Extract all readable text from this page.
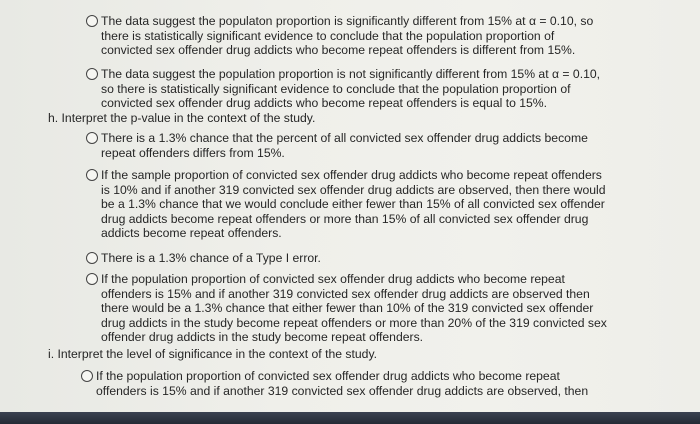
The data suggest the populaton proportion is significantly different from 15% at α = 0.10, so
there is statistically significant evidence to conclude that the population proportion of
convicted sex offender drug addicts who become repeat offenders is different from 15%.
The data suggest the population proportion is not significantly different from 15% at α = 0.10,
so there is statistically significant evidence to conclude that the population proportion of
convicted sex offender drug addicts who become repeat offenders is equal to 15%.
h. Interpret the p-value in the context of the study.
There is a 1.3% chance that the percent of all convicted sex offender drug addicts become
repeat offenders differs from 15%.
If the sample proportion of convicted sex offender drug addicts who become repeat offenders
is 10% and if another 319 convicted sex offender drug addicts are observed, then there would
be a 1.3% chance that we would conclude either fewer than 15% of all convicted sex offender
drug addicts become repeat offenders or more than 15% of all convicted sex offender drug
addicts become repeat offenders.
There is a 1.3% chance of a Type I error.
If the population proportion of convicted sex offender drug addicts who become repeat
offenders is 15% and if another 319 convicted sex offender drug addicts are observed then
there would be a 1.3% chance that either fewer than 10% of the 319 convicted sex offender
drug addicts in the study become repeat offenders or more than 20% of the 319 convicted sex
offender drug addicts in the study become repeat offenders.
i. Interpret the level of significance in the context of the study.
If the population proportion of convicted sex offender drug addicts who become repeat
offenders is 15% and if another 319 convicted sex offender drug addicts are observed, then
